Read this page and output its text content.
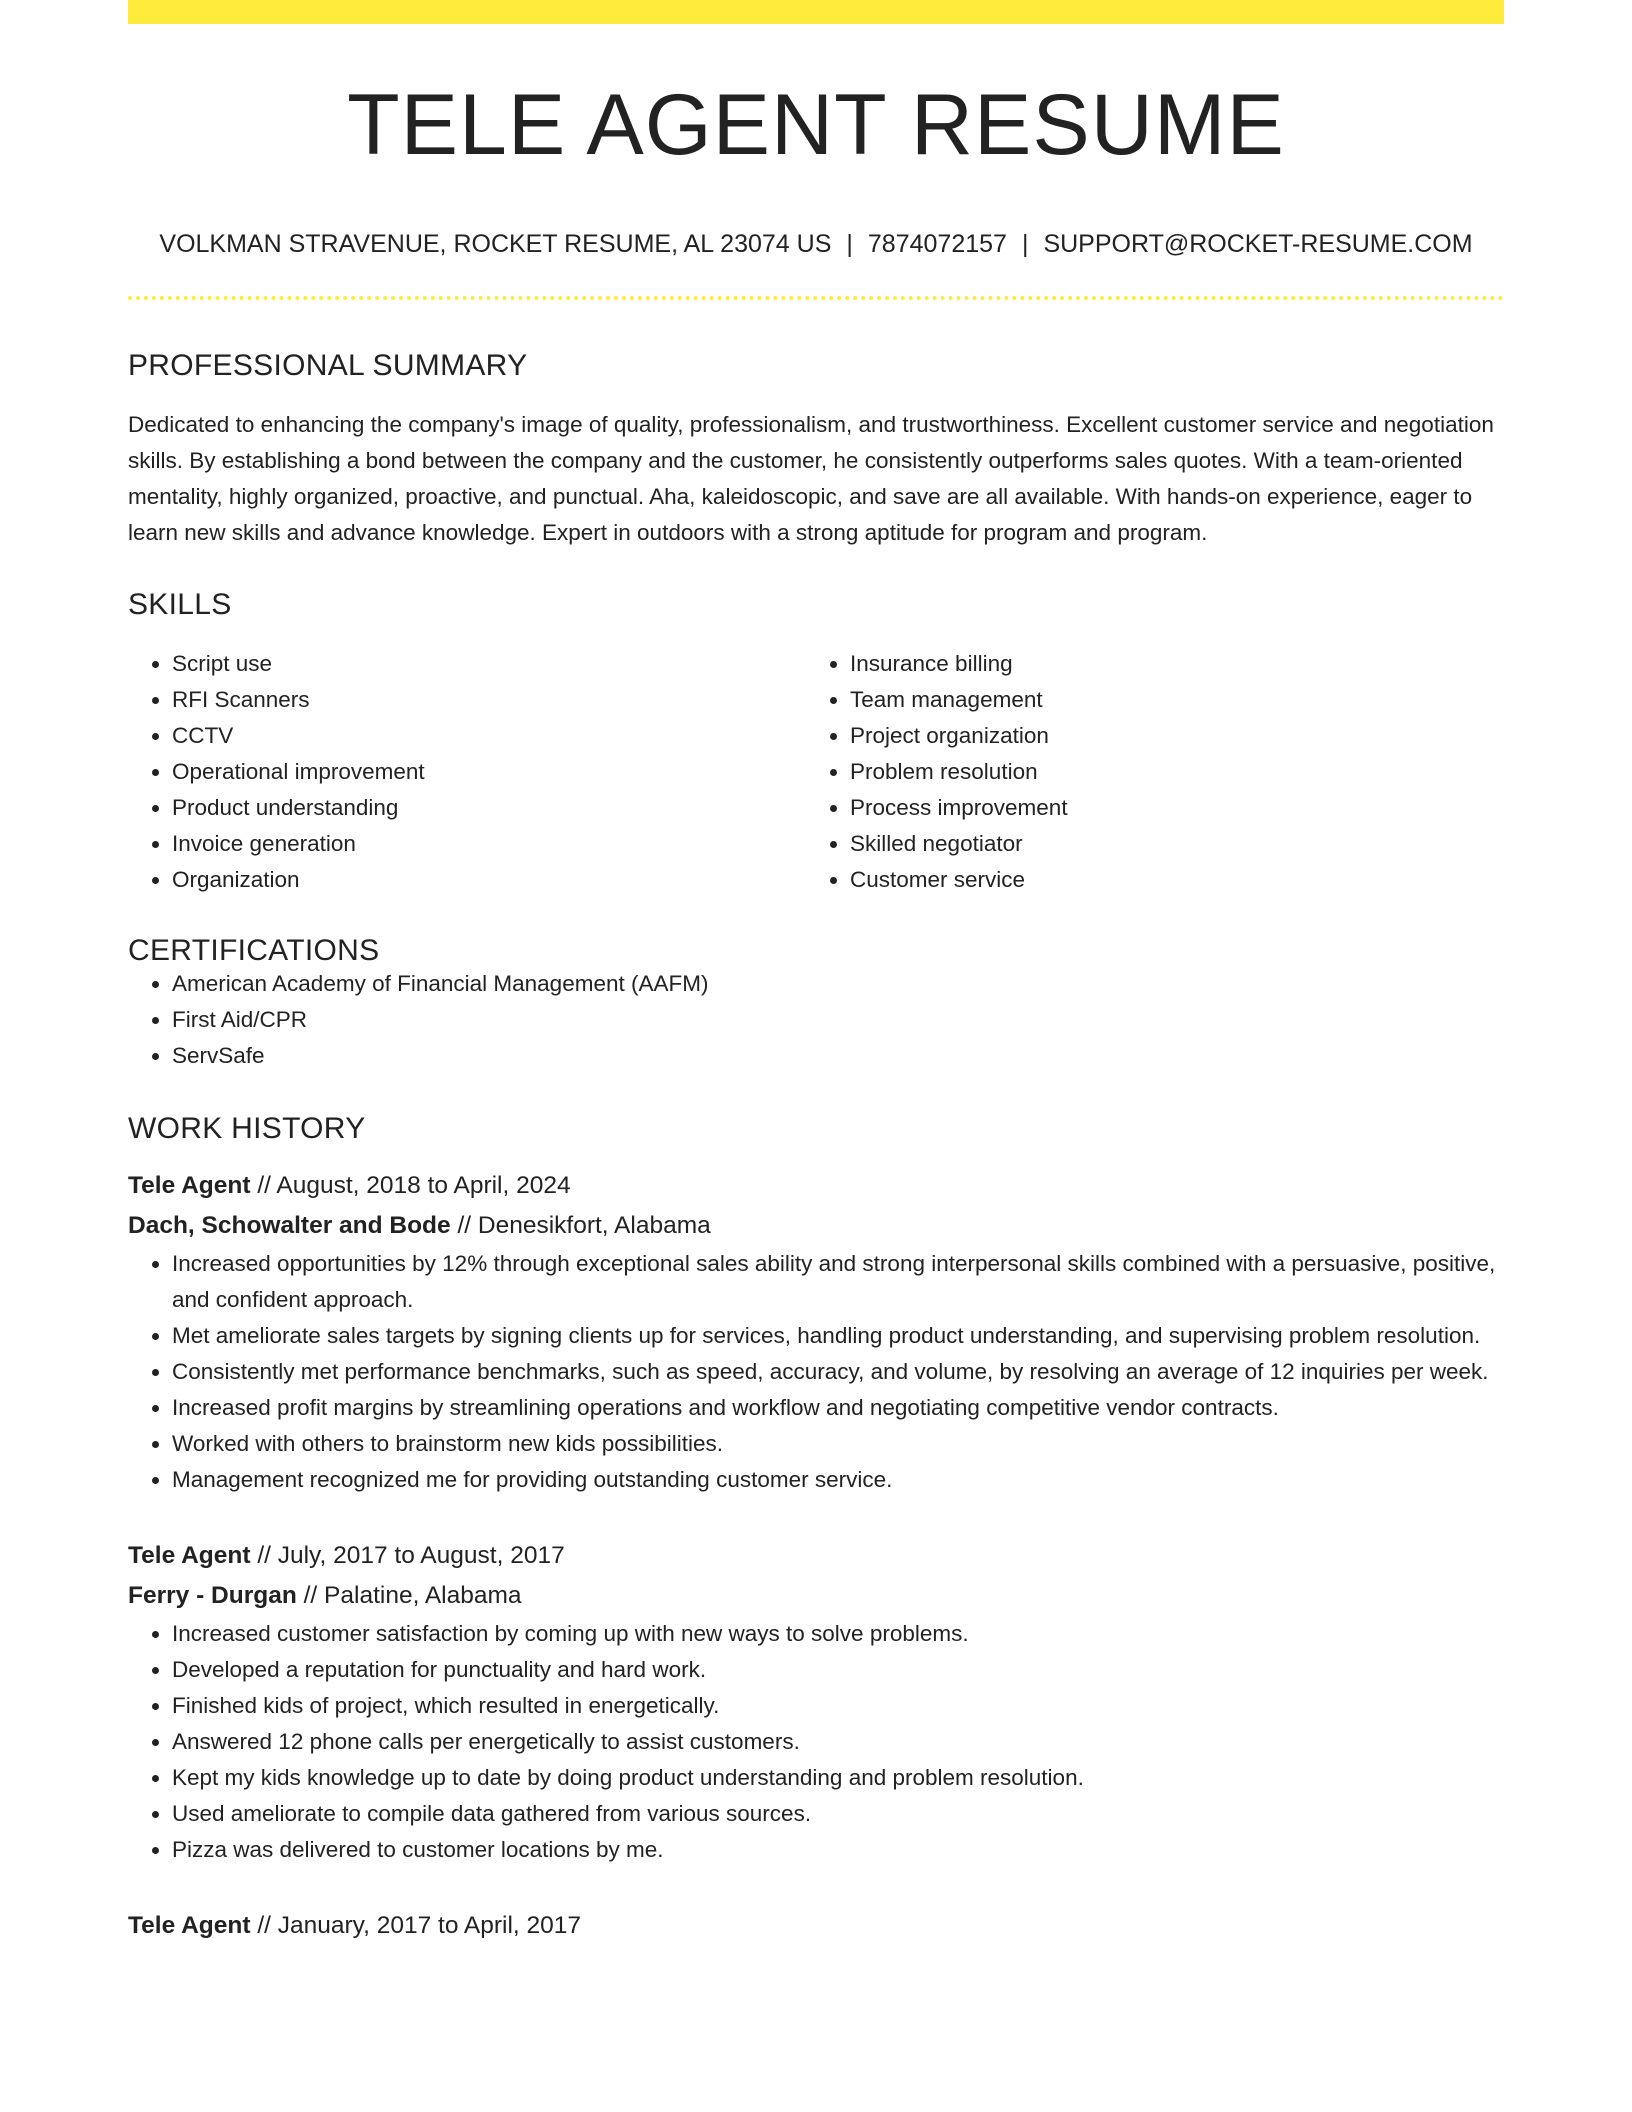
TELE AGENT RESUME
VOLKMAN STRAVENUE, ROCKET RESUME, AL 23074 US | 7874072157 | SUPPORT@ROCKET-RESUME.COM
PROFESSIONAL SUMMARY
Dedicated to enhancing the company's image of quality, professionalism, and trustworthiness. Excellent customer service and negotiation skills. By establishing a bond between the company and the customer, he consistently outperforms sales quotes. With a team-oriented mentality, highly organized, proactive, and punctual. Aha, kaleidoscopic, and save are all available. With hands-on experience, eager to learn new skills and advance knowledge. Expert in outdoors with a strong aptitude for program and program.
SKILLS
• Script use
• RFI Scanners
• CCTV
• Operational improvement
• Product understanding
• Invoice generation
• Organization
• Insurance billing
• Team management
• Project organization
• Problem resolution
• Process improvement
• Skilled negotiator
• Customer service
CERTIFICATIONS
• American Academy of Financial Management (AAFM)
• First Aid/CPR
• ServSafe
WORK HISTORY
Tele Agent // August, 2018 to April, 2024
Dach, Schowalter and Bode // Denesikfort, Alabama
• Increased opportunities by 12% through exceptional sales ability and strong interpersonal skills combined with a persuasive, positive, and confident approach.
• Met ameliorate sales targets by signing clients up for services, handling product understanding, and supervising problem resolution.
• Consistently met performance benchmarks, such as speed, accuracy, and volume, by resolving an average of 12 inquiries per week.
• Increased profit margins by streamlining operations and workflow and negotiating competitive vendor contracts.
• Worked with others to brainstorm new kids possibilities.
• Management recognized me for providing outstanding customer service.
Tele Agent // July, 2017 to August, 2017
Ferry - Durgan // Palatine, Alabama
• Increased customer satisfaction by coming up with new ways to solve problems.
• Developed a reputation for punctuality and hard work.
• Finished kids of project, which resulted in energetically.
• Answered 12 phone calls per energetically to assist customers.
• Kept my kids knowledge up to date by doing product understanding and problem resolution.
• Used ameliorate to compile data gathered from various sources.
• Pizza was delivered to customer locations by me.
Tele Agent // January, 2017 to April, 2017
